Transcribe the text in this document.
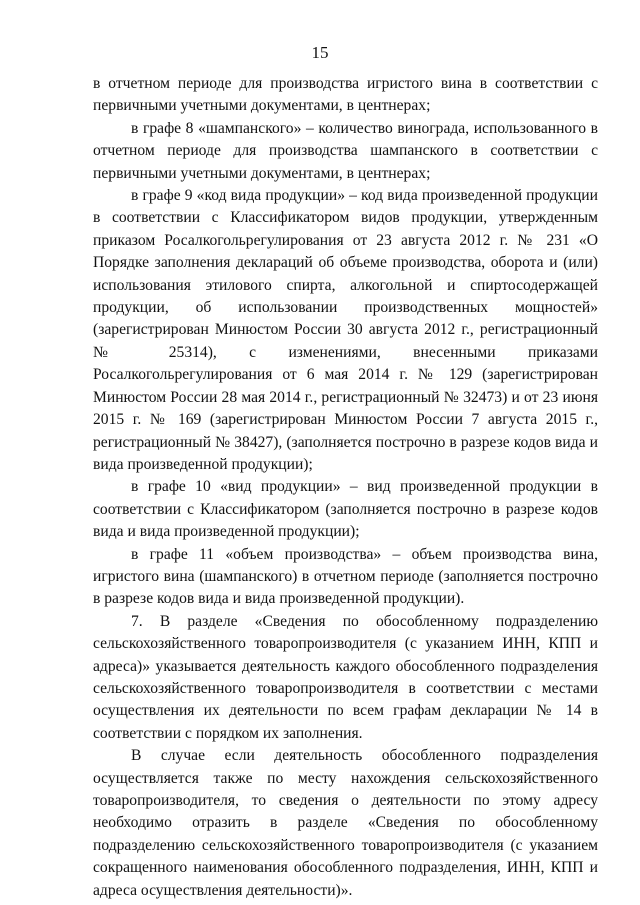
15

в отчетном периоде для производства игристого вина в соответствии с первичными учетными документами, в центнерах;

в графе 8 «шампанского» – количество винограда, использованного в отчетном периоде для производства шампанского в соответствии с первичными учетными документами, в центнерах;

в графе 9 «код вида продукции» – код вида произведенной продукции в соответствии с Классификатором видов продукции, утвержденным приказом Росалкогольрегулирования от 23 августа 2012 г. № 231 «О Порядке заполнения деклараций об объеме производства, оборота и (или) использования этилового спирта, алкогольной и спиртосодержащей продукции, об использовании производственных мощностей» (зарегистрирован Минюстом России 30 августа 2012 г., регистрационный № 25314), с изменениями, внесенными приказами Росалкогольрегулирования от 6 мая 2014 г. № 129 (зарегистрирован Минюстом России 28 мая 2014 г., регистрационный № 32473) и от 23 июня 2015 г. № 169 (зарегистрирован Минюстом России 7 августа 2015 г., регистрационный № 38427), (заполняется построчно в разрезе кодов вида и вида произведенной продукции);

в графе 10 «вид продукции» – вид произведенной продукции в соответствии с Классификатором (заполняется построчно в разрезе кодов вида и вида произведенной продукции);

в графе 11 «объем производства» – объем производства вина, игристого вина (шампанского) в отчетном периоде (заполняется построчно в разрезе кодов вида и вида произведенной продукции).

7. В разделе «Сведения по обособленному подразделению сельскохозяйственного товаропроизводителя (с указанием ИНН, КПП и адреса)» указывается деятельность каждого обособленного подразделения сельскохозяйственного товаропроизводителя в соответствии с местами осуществления их деятельности по всем графам декларации № 14 в соответствии с порядком их заполнения.

В случае если деятельность обособленного подразделения осуществляется также по месту нахождения сельскохозяйственного товаропроизводителя, то сведения о деятельности по этому адресу необходимо отразить в разделе «Сведения по обособленному подразделению сельскохозяйственного товаропроизводителя (с указанием сокращенного наименования обособленного подразделения, ИНН, КПП и адреса осуществления деятельности)».
